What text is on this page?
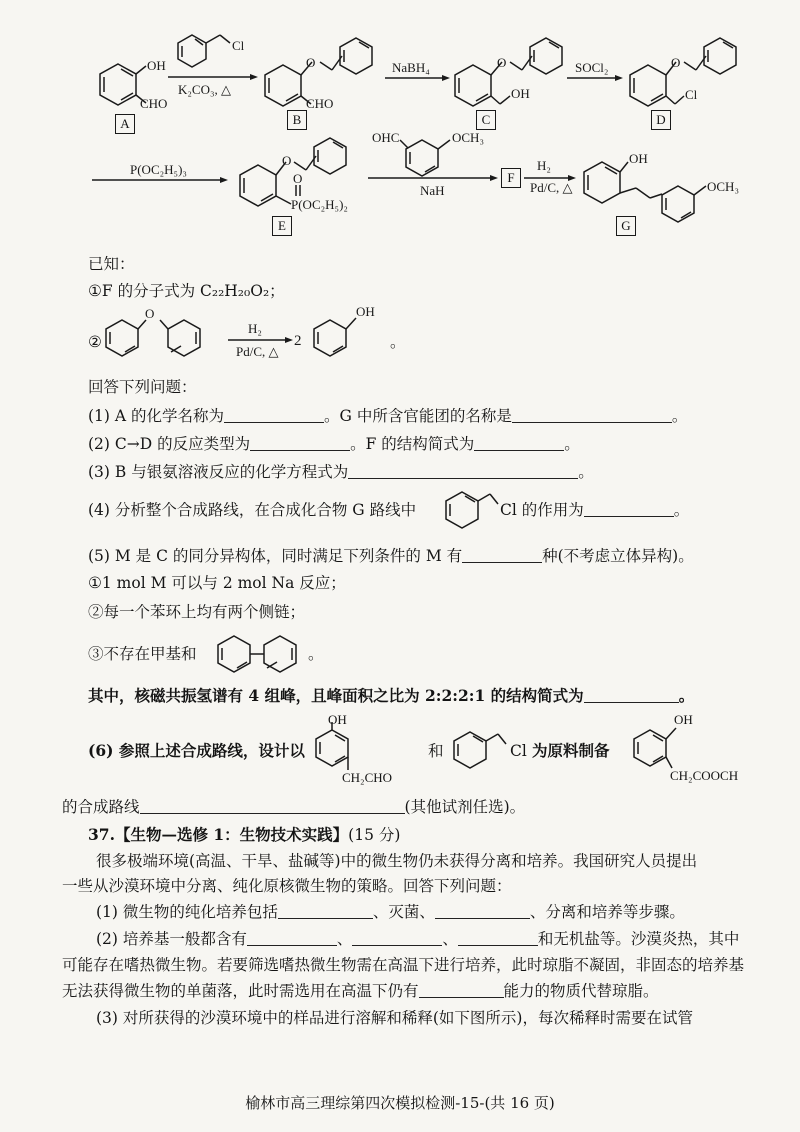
OH
CHO
Cl
K₂CO₃, △
O
CHO
NaBH₄	O
OH
SOCl₂	O
Cl
P(OC₂H₅)₃
O
P(OC₂H₅)₂
O
OHC	OCH₃
NaH
H₂
Pd/C, △
OH
OCH₃
O
H₂
Pd/C, △
2
OH
A	B	C	D
E
F
G
已知：
①F 的分子式为 C₂₂H₂₀O₂；
②	。
回答下列问题：
(1) A 的化学名称为	。G 中所含官能团的名称是	。
(2) C→D 的反应类型为	。F 的结构简式为	。
(3) B 与银氨溶液反应的化学方程式为	。
(4) 分析整个合成路线，在合成化合物 G 路线中	Cl 的作用为	。
(5) M 是 C 的同分异构体，同时满足下列条件的 M 有	种(不考虑立体异构)。
①1 mol M 可以与 2 mol Na 反应；
②每一个苯环上均有两个侧链；
③不存在甲基和	。
其中，核磁共振氢谱有 4 组峰，且峰面积之比为 2:2:2:1 的结构简式为	。
(6) 参照上述合成路线，设计以	和	Cl 为原料制备
OH
CH₂CHO
OH
CH₂COOCH
的合成路线	(其他试剂任选)。
37.【生物—选修 1：生物技术实践】(15 分)
很多极端环境(高温、干旱、盐碱等)中的微生物仍未获得分离和培养。我国研究人员提出
一些从沙漠环境中分离、纯化原核微生物的策略。回答下列问题：
(1) 微生物的纯化培养包括	、灭菌、	、分离和培养等步骤。
(2) 培养基一般都含有	、	、	和无机盐等。沙漠炎热，其中
可能存在嗜热微生物。若要筛选嗜热微生物需在高温下进行培养，此时琼脂不凝固，非固态的培养基
无法获得微生物的单菌落，此时需选用在高温下仍有	能力的物质代替琼脂。
(3) 对所获得的沙漠环境中的样品进行溶解和稀释(如下图所示)，每次稀释时需要在试管
榆林市高三理综第四次模拟检测-15-(共 16 页)
